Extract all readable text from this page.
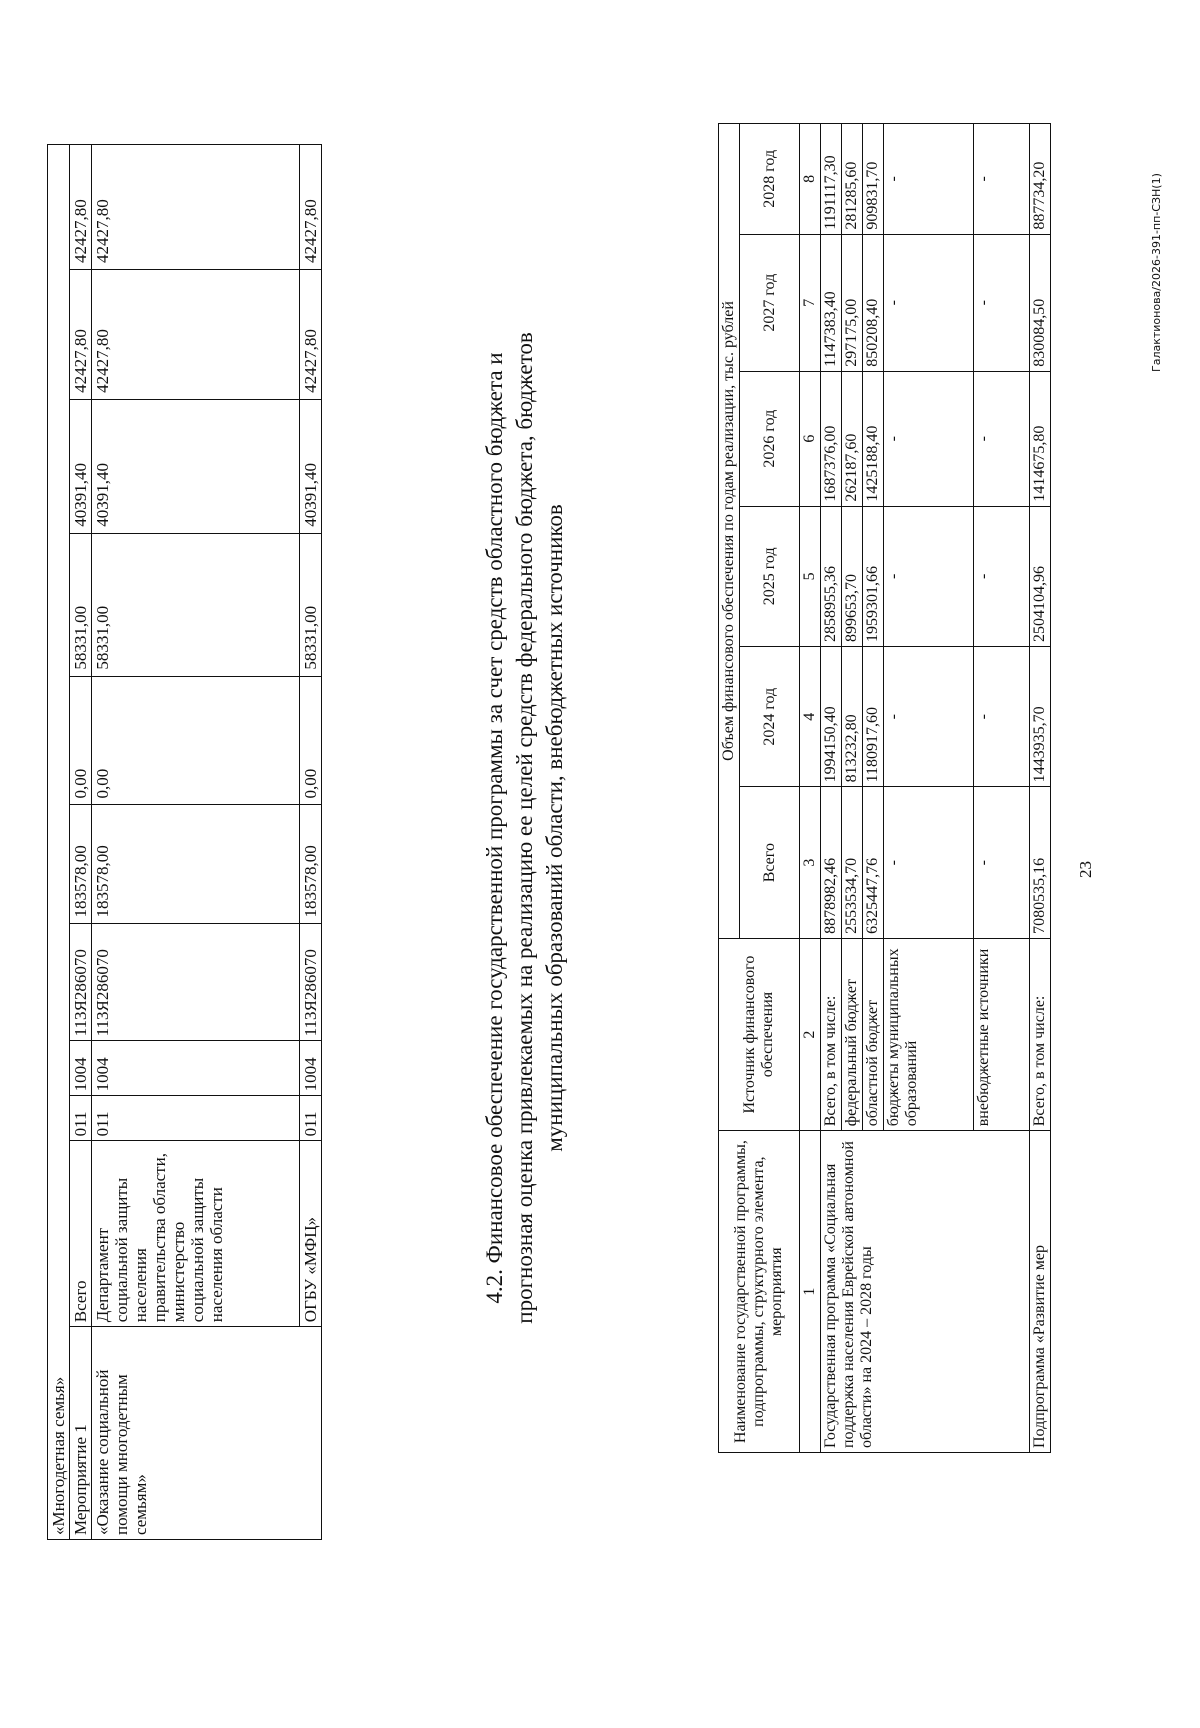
23
«Многодетная семья»										
Мероприятие 1	Всего	011	1004	113Я286070	183578,00	0,00	58331,00	40391,40	42427,80	42427,80
«Оказание социальной помощи многодетным семьям»	Департамент социальной защиты населения правительства области, министерство социальной защиты населения области	011	1004	113Я286070	183578,00	0,00	58331,00	40391,40	42427,80	42427,80
	ОГБУ «МФЦ»	011	1004	113Я286070	183578,00	0,00	58331,00	40391,40	42427,80	42427,80
4.2. Финансовое обеспечение государственной программы за счет средств областного бюджета и прогнозная оценка привлекаемых на реализацию ее целей средств федерального бюджета, бюджетов муниципальных образований области, внебюджетных источников
Наименование государственной программы, подпрограммы, структурного элемента, мероприятия	Источник финансового обеспечения	Объем финансового обеспечения по годам реализации, тыс. рублей					
		Всего	2024 год	2025 год	2026 год	2027 год	2028 год
1	2	3	4	5	6	7	8
Государственная программа «Социальная поддержка населения Еврейской автономной области» на 2024 – 2028 годы	Всего, в том числе:	8878982,46	1994150,40	2858955,36	1687376,00	1147383,40	1191117,30
	федеральный бюджет	2553534,70	813232,80	899653,70	262187,60	297175,00	281285,60
	областной бюджет	6325447,76	1180917,60	1959301,66	1425188,40	850208,40	909831,70
	бюджеты муниципальных образований	-	-	-	-	-	-
	внебюджетные источники	-	-	-	-	-	-
Подпрограмма «Развитие мер	Всего, в том числе:	7080535,16	1443935,70	2504104,96	1414675,80	830084,50	887734,20	Галактионова/2026-391-пп-СЗН(1)
